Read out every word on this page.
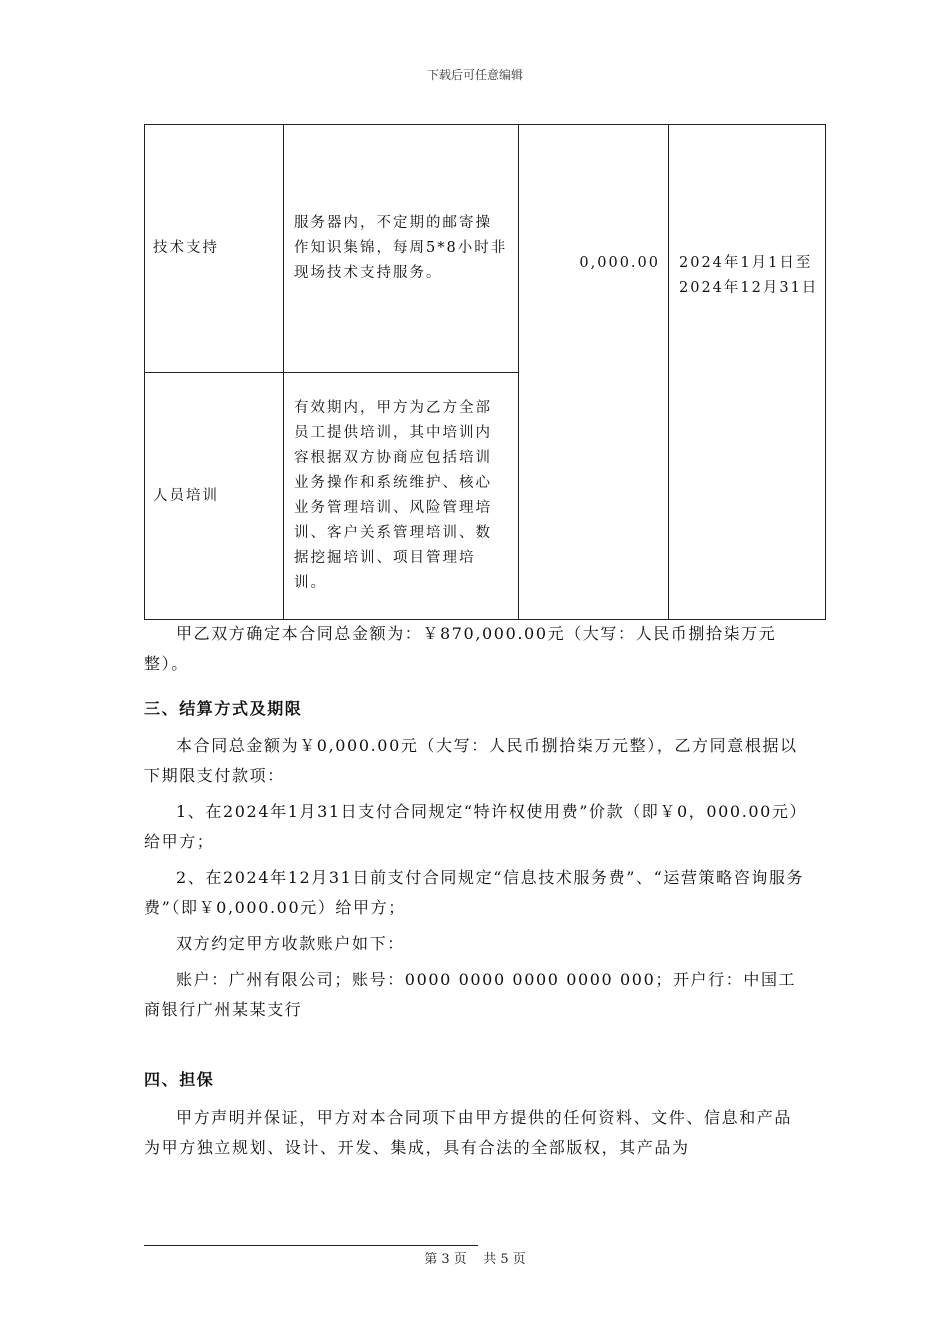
下载后可任意编辑
技术支持	服务器内，不定期的邮寄操作知识集锦，每周5*8小时非现场技术支持服务。	0,000.00	2024年1月1日至2024年12月31日
人员培训	有效期内，甲方为乙方全部员工提供培训，其中培训内容根据双方协商应包括培训业务操作和系统维护、核心业务管理培训、风险管理培训、客户关系管理培训、数据挖掘培训、项目管理培训。		

甲乙双方确定本合同总金额为：￥870,000.00元（大写：人民币捌拾柒万元整）。

三、结算方式及期限

本合同总金额为￥0,000.00元（大写：人民币捌拾柒万元整），乙方同意根据以下期限支付款项：

1、在2024年1月31日支付合同规定“特许权使用费”价款（即￥0，000.00元）给甲方；

2、在2024年12月31日前支付合同规定“信息技术服务费”、“运营策略咨询服务费”（即￥0,000.00元）给甲方；

双方约定甲方收款账户如下：

账户：广州有限公司；账号：0000 0000 0000 0000 000；开户行：中国工商银行广州某某支行

四、担保

甲方声明并保证，甲方对本合同项下由甲方提供的任何资料、文件、信息和产品为甲方独立规划、设计、开发、集成，具有合法的全部版权，其产品为

第 3 页    共 5 页
